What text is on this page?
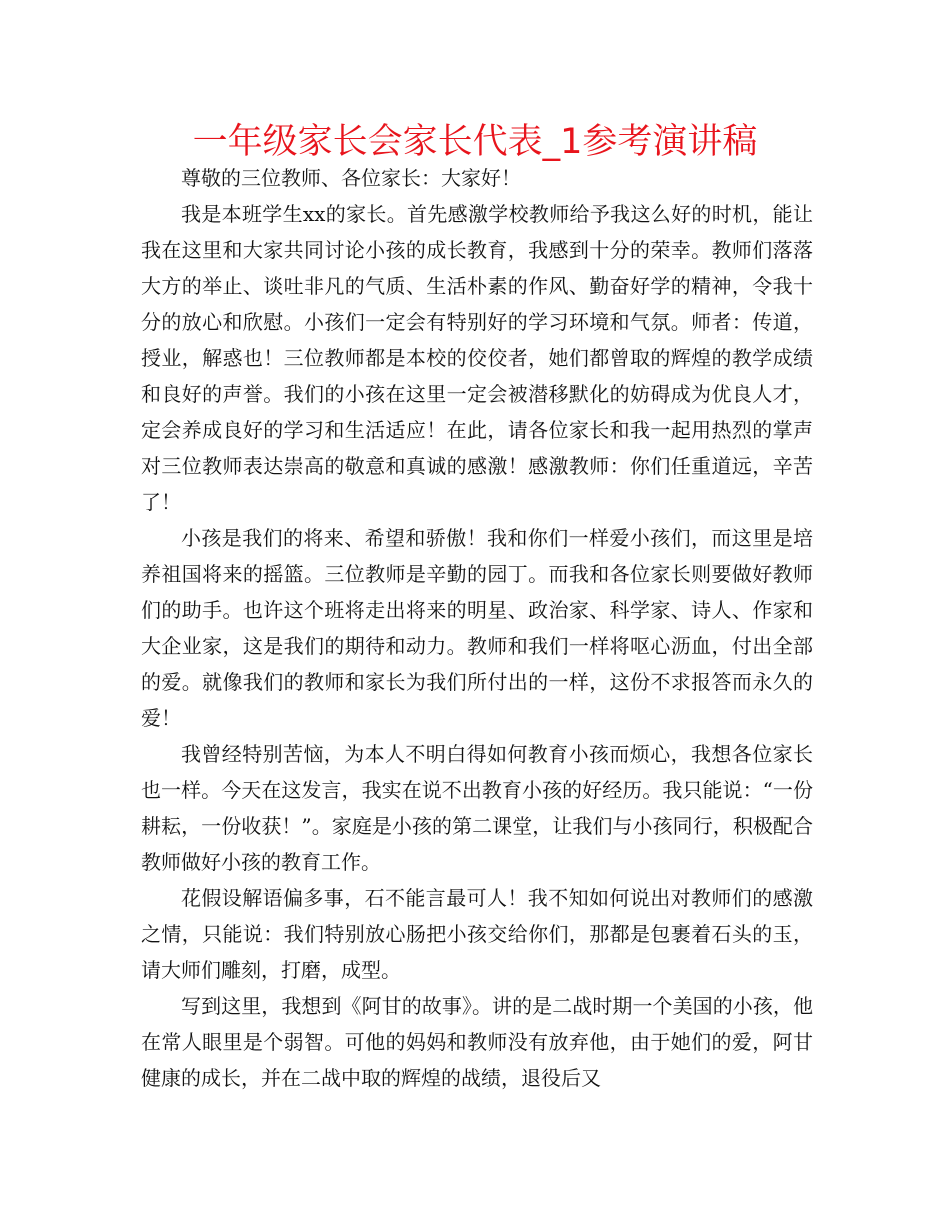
一年级家长会家长代表_1参考演讲稿

尊敬的三位教师、各位家长：大家好！

我是本班学生xx的家长。首先感激学校教师给予我这么好的时机，能让我在这里和大家共同讨论小孩的成长教育，我感到十分的荣幸。教师们落落大方的举止、谈吐非凡的气质、生活朴素的作风、勤奋好学的精神，令我十分的放心和欣慰。小孩们一定会有特别好的学习环境和气氛。师者：传道，授业，解惑也！三位教师都是本校的佼佼者，她们都曾取的辉煌的教学成绩和良好的声誉。我们的小孩在这里一定会被潜移默化的妨碍成为优良人才，定会养成良好的学习和生活适应！在此，请各位家长和我一起用热烈的掌声对三位教师表达崇高的敬意和真诚的感激！感激教师：你们任重道远，辛苦了！

小孩是我们的将来、希望和骄傲！我和你们一样爱小孩们，而这里是培养祖国将来的摇篮。三位教师是辛勤的园丁。而我和各位家长则要做好教师们的助手。也许这个班将走出将来的明星、政治家、科学家、诗人、作家和大企业家，这是我们的期待和动力。教师和我们一样将呕心沥血，付出全部的爱。就像我们的教师和家长为我们所付出的一样，这份不求报答而永久的爱！

我曾经特别苦恼，为本人不明白得如何教育小孩而烦心，我想各位家长也一样。今天在这发言，我实在说不出教育小孩的好经历。我只能说：“一份耕耘，一份收获！”。家庭是小孩的第二课堂，让我们与小孩同行，积极配合教师做好小孩的教育工作。

花假设解语偏多事，石不能言最可人！我不知如何说出对教师们的感激之情，只能说：我们特别放心肠把小孩交给你们，那都是包裹着石头的玉，请大师们雕刻，打磨，成型。

写到这里，我想到《阿甘的故事》。讲的是二战时期一个美国的小孩，他在常人眼里是个弱智。可他的妈妈和教师没有放弃他，由于她们的爱，阿甘健康的成长，并在二战中取的辉煌的战绩，退役后又
